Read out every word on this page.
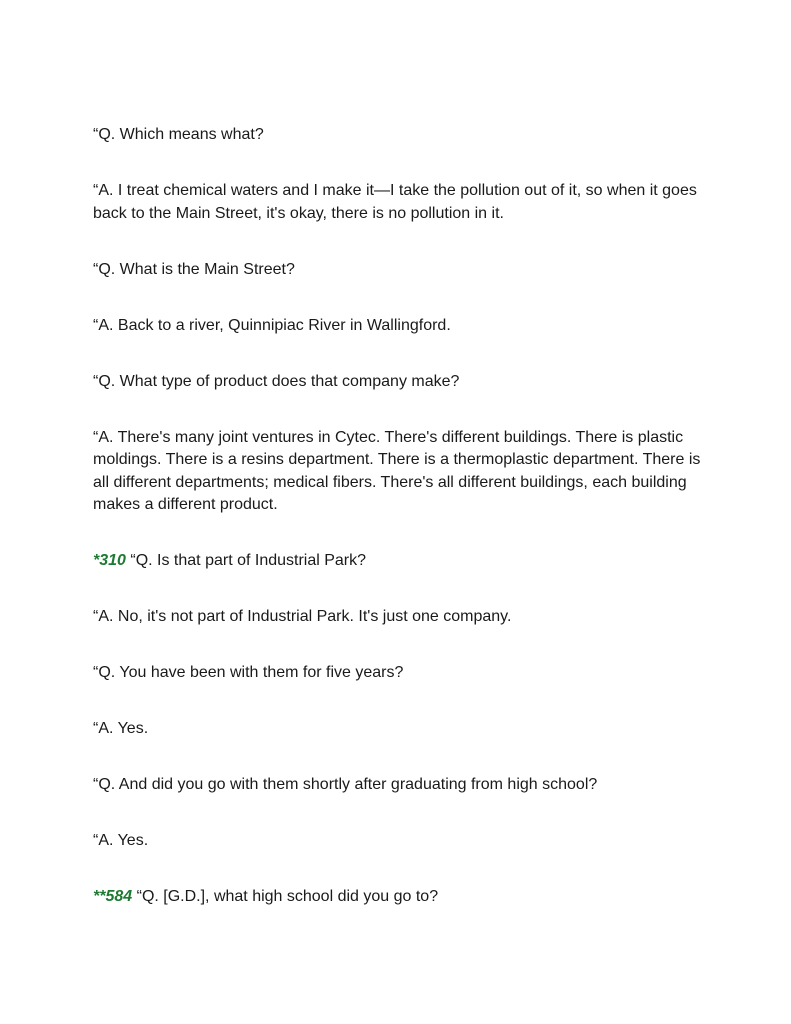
“Q. Which means what?

“A. I treat chemical waters and I make it—I take the pollution out of it, so when it goes back to the Main Street, it's okay, there is no pollution in it.

“Q. What is the Main Street?

“A. Back to a river, Quinnipiac River in Wallingford.

“Q. What type of product does that company make?

“A. There's many joint ventures in Cytec. There's different buildings. There is plastic moldings. There is a resins department. There is a thermoplastic department. There is all different departments; medical fibers. There's all different buildings, each building makes a different product.

*310 “Q. Is that part of Industrial Park?

“A. No, it's not part of Industrial Park. It's just one company.

“Q. You have been with them for five years?

“A. Yes.

“Q. And did you go with them shortly after graduating from high school?

“A. Yes.

**584 “Q. [G.D.], what high school did you go to?
